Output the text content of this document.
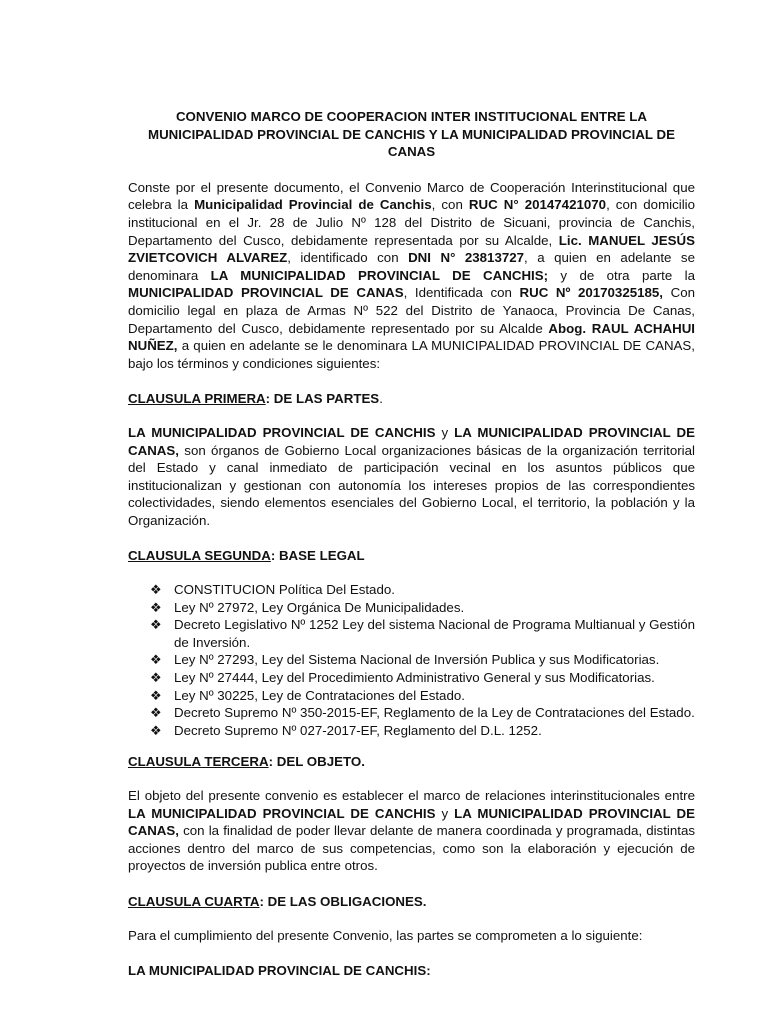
CONVENIO MARCO DE COOPERACION INTER INSTITUCIONAL ENTRE LA MUNICIPALIDAD PROVINCIAL DE CANCHIS Y LA MUNICIPALIDAD PROVINCIAL DE CANAS

Conste por el presente documento, el Convenio Marco de Cooperación Interinstitucional que celebra la Municipalidad Provincial de Canchis, con RUC N° 20147421070, con domicilio institucional en el Jr. 28 de Julio Nº 128 del Distrito de Sicuani, provincia de Canchis, Departamento del Cusco, debidamente representada por su Alcalde, Lic. MANUEL JESÚS ZVIETCOVICH ALVAREZ, identificado con DNI N° 23813727, a quien en adelante se denominara LA MUNICIPALIDAD PROVINCIAL DE CANCHIS; y de otra parte la MUNICIPALIDAD PROVINCIAL DE CANAS, Identificada con RUC Nº 20170325185, Con domicilio legal en plaza de Armas Nº 522 del Distrito de Yanaoca, Provincia De Canas, Departamento del Cusco, debidamente representado por su Alcalde Abog. RAUL ACHAHUI NUÑEZ, a quien en adelante se le denominara LA MUNICIPALIDAD PROVINCIAL DE CANAS, bajo los términos y condiciones siguientes:

CLAUSULA PRIMERA: DE LAS PARTES.

LA MUNICIPALIDAD PROVINCIAL DE CANCHIS y LA MUNICIPALIDAD PROVINCIAL DE CANAS, son órganos de Gobierno Local organizaciones básicas de la organización territorial del Estado y canal inmediato de participación vecinal en los asuntos públicos que institucionalizan y gestionan con autonomía los intereses propios de las correspondientes colectividades, siendo elementos esenciales del Gobierno Local, el territorio, la población y la Organización.

CLAUSULA SEGUNDA: BASE LEGAL
❖ CONSTITUCION Política Del Estado.
❖ Ley Nº 27972, Ley Orgánica De Municipalidades.
❖ Decreto Legislativo Nº 1252 Ley del sistema Nacional de Programa Multianual y Gestión de Inversión.
❖ Ley Nº 27293, Ley del Sistema Nacional de Inversión Publica y sus Modificatorias.
❖ Ley Nº 27444, Ley del Procedimiento Administrativo General y sus Modificatorias.
❖ Ley Nº 30225, Ley de Contrataciones del Estado.
❖ Decreto Supremo Nº 350-2015-EF, Reglamento de la Ley de Contrataciones del Estado.
❖ Decreto Supremo Nº 027-2017-EF, Reglamento del D.L. 1252.
CLAUSULA TERCERA: DEL OBJETO.

El objeto del presente convenio es establecer el marco de relaciones interinstitucionales entre LA MUNICIPALIDAD PROVINCIAL DE CANCHIS y LA MUNICIPALIDAD PROVINCIAL DE CANAS, con la finalidad de poder llevar delante de manera coordinada y programada, distintas acciones dentro del marco de sus competencias, como son la elaboración y ejecución de proyectos de inversión publica entre otros.

CLAUSULA CUARTA: DE LAS OBLIGACIONES.

Para el cumplimiento del presente Convenio, las partes se comprometen a lo siguiente:

LA MUNICIPALIDAD PROVINCIAL DE CANCHIS:
